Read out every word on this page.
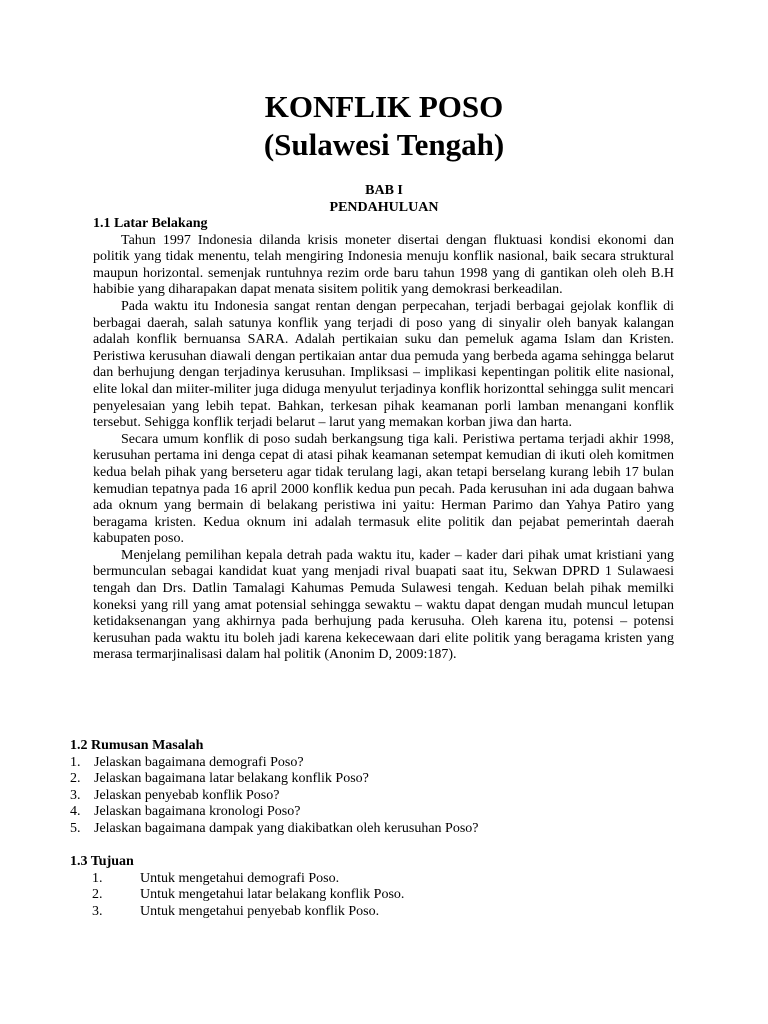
KONFLIK POSO
(Sulawesi Tengah)
BAB I
PENDAHULUAN
1.1 Latar Belakang

Tahun 1997 Indonesia dilanda krisis moneter disertai dengan fluktuasi kondisi ekonomi dan politik yang tidak menentu, telah mengiring Indonesia menuju konflik nasional, baik secara struktural maupun horizontal. semenjak runtuhnya rezim orde baru tahun 1998 yang di gantikan oleh oleh B.H habibie yang diharapakan dapat menata sisitem politik yang demokrasi berkeadilan.

Pada waktu itu Indonesia sangat rentan dengan perpecahan, terjadi berbagai gejolak konflik di berbagai daerah, salah satunya konflik yang terjadi di poso yang di sinyalir oleh banyak kalangan adalah konflik bernuansa SARA. Adalah pertikaian suku dan pemeluk agama Islam dan Kristen. Peristiwa kerusuhan diawali dengan pertikaian antar dua pemuda yang berbeda agama sehingga belarut dan berhujung dengan terjadinya kerusuhan. Impliksasi – implikasi kepentingan politik elite nasional, elite lokal dan miiter-militer juga diduga menyulut terjadinya konflik horizonttal sehingga sulit mencari penyelesaian yang lebih tepat. Bahkan, terkesan pihak keamanan porli lamban menangani konflik tersebut. Sehigga konflik terjadi belarut – larut yang memakan korban jiwa dan harta.

Secara umum konflik di poso sudah berkangsung tiga kali. Peristiwa pertama terjadi akhir 1998, kerusuhan pertama ini denga cepat di atasi pihak keamanan setempat kemudian di ikuti oleh komitmen kedua belah pihak yang berseteru agar tidak terulang lagi, akan tetapi berselang kurang lebih 17 bulan kemudian tepatnya pada 16 april 2000 konflik kedua pun pecah. Pada kerusuhan ini ada dugaan bahwa ada oknum yang bermain di belakang peristiwa ini yaitu: Herman Parimo dan Yahya Patiro yang beragama kristen. Kedua oknum ini adalah termasuk elite politik dan pejabat pemerintah daerah kabupaten poso.

Menjelang pemilihan kepala detrah pada waktu itu, kader – kader dari pihak umat kristiani yang bermunculan sebagai kandidat kuat yang menjadi rival buapati saat itu, Sekwan DPRD 1 Sulawaesi tengah dan Drs. Datlin Tamalagi Kahumas Pemuda Sulawesi tengah. Keduan belah pihak memilki koneksi yang rill yang amat potensial sehingga sewaktu – waktu dapat dengan mudah muncul letupan ketidaksenangan yang akhirnya pada berhujung pada kerusuha. Oleh karena itu, potensi – potensi kerusuhan pada waktu itu boleh jadi karena kekecewaan dari elite politik yang beragama kristen yang merasa termarjinalisasi dalam hal politik (Anonim D, 2009:187).

1.2 Rumusan Masalah
1. Jelaskan bagaimana demografi Poso?
2. Jelaskan bagaimana latar belakang konflik Poso?
3. Jelaskan penyebab konflik Poso?
4. Jelaskan bagaimana kronologi Poso?
5. Jelaskan bagaimana dampak yang diakibatkan oleh kerusuhan Poso?
1.3 Tujuan
1.	Untuk mengetahui demografi Poso.
2.	Untuk mengetahui latar belakang konflik Poso.
3.	Untuk mengetahui penyebab konflik Poso.
